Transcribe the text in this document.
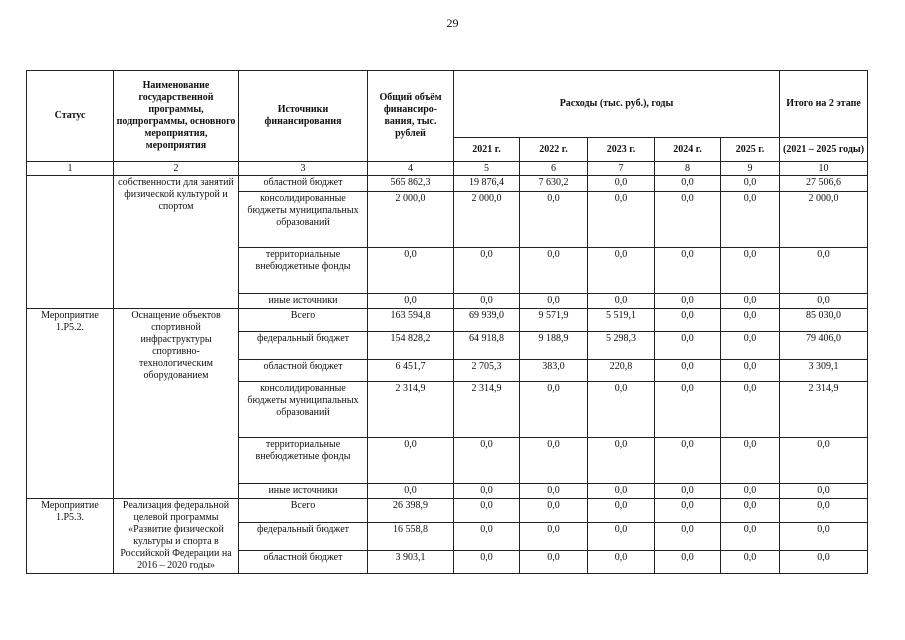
29
Статус	Наименование государственной программы, подпрограммы, основного мероприятия, мероприятия	Источники финансирования	Общий объём финансиро- вания, тыс. рублей	Расходы (тыс. руб.), годы					Итого на 2 этапе
				2021 г.	2022 г.	2023 г.	2024 г.	2025 г.	(2021 – 2025 годы)
1	2	3	4	5	6	7	8	9	10
	собственности для занятий физической культурой и спортом	областной бюджет	565 862,3	19 876,4	7 630,2	0,0	0,0	0,0	27 506,6
		консолидированные бюджеты муниципальных образований	2 000,0	2 000,0	0,0	0,0	0,0	0,0	2 000,0
		территориальные внебюджетные фонды	0,0	0,0	0,0	0,0	0,0	0,0	0,0
		иные источники	0,0	0,0	0,0	0,0	0,0	0,0	0,0
Мероприятие 1.Р5.2.	Оснащение объектов спортивной инфраструктуры спортивно-технологическим оборудованием	Всего	163 594,8	69 939,0	9 571,9	5 519,1	0,0	0,0	85 030,0
		федеральный бюджет	154 828,2	64 918,8	9 188,9	5 298,3	0,0	0,0	79 406,0
		областной бюджет	6 451,7	2 705,3	383,0	220,8	0,0	0,0	3 309,1
		консолидированные бюджеты муниципальных образований	2 314,9	2 314,9	0,0	0,0	0,0	0,0	2 314,9
		территориальные внебюджетные фонды	0,0	0,0	0,0	0,0	0,0	0,0	0,0
		иные источники	0,0	0,0	0,0	0,0	0,0	0,0	0,0
Мероприятие 1.Р5.3.	Реализация федеральной целевой программы «Развитие физической культуры и спорта в Российской Федерации на 2016 – 2020 годы»	Всего	26 398,9	0,0	0,0	0,0	0,0	0,0	0,0
		федеральный бюджет	16 558,8	0,0	0,0	0,0	0,0	0,0	0,0
		областной бюджет	3 903,1	0,0	0,0	0,0	0,0	0,0	0,0
